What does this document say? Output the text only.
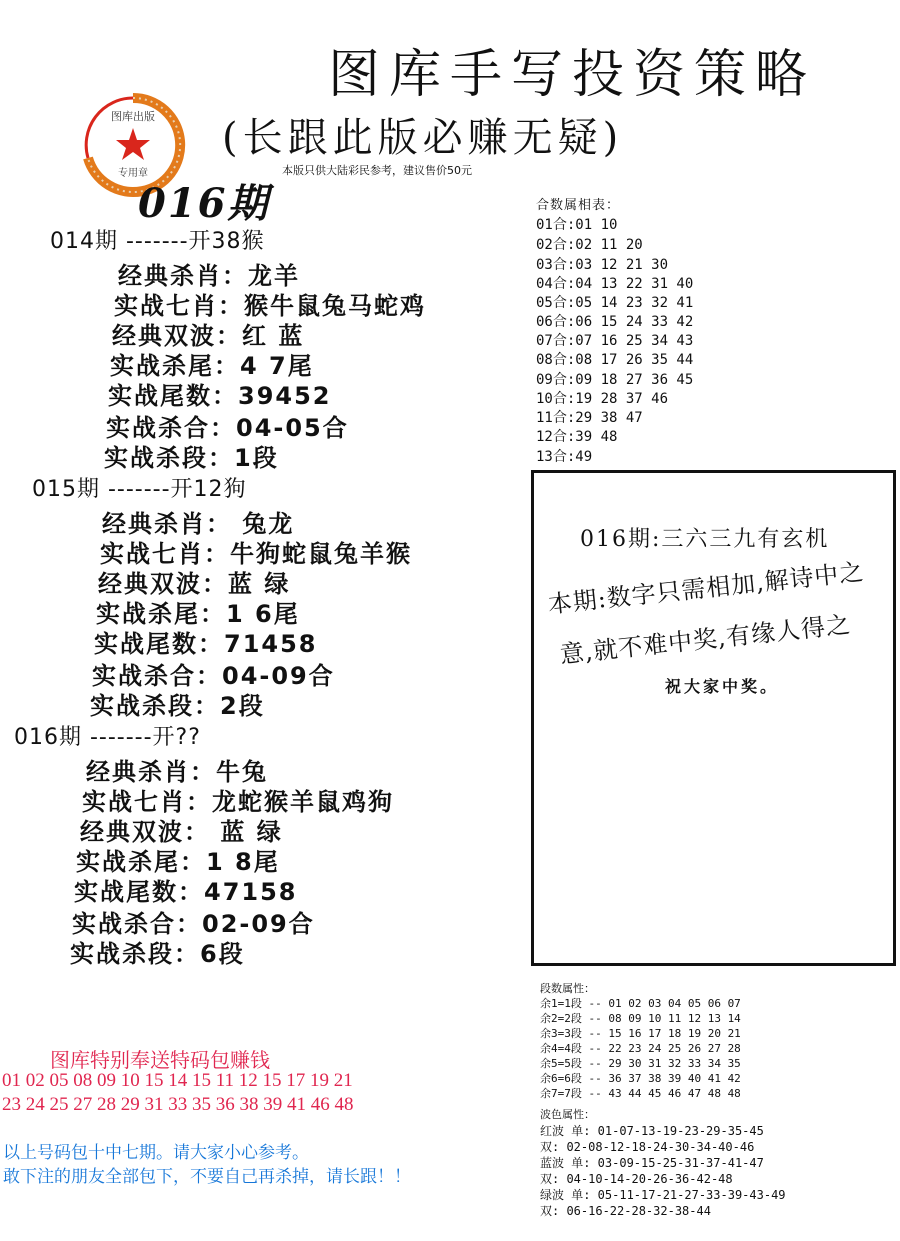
图库手写投资策略
(长跟此版必赚无疑)
本版只供大陆彩民参考，建议售价50元
图库出版
专用章
016期
014期 -------开38猴
经典杀肖：龙羊
实战七肖：猴牛鼠兔马蛇鸡
经典双波：红 蓝
实战杀尾：4 7尾
实战尾数：39452
实战杀合：04-05合
实战杀段：1段
015期 -------开12狗
经典杀肖： 兔龙
实战七肖：牛狗蛇鼠兔羊猴
经典双波：蓝 绿
实战杀尾：1 6尾
实战尾数：71458
实战杀合：04-09合
实战杀段：2段
016期 -------开??
经典杀肖：牛兔
实战七肖：龙蛇猴羊鼠鸡狗
经典双波： 蓝 绿
实战杀尾：1 8尾
实战尾数：47158
实战杀合：02-09合
实战杀段：6段
合数属相表：
01合:01 10
02合:02 11 20
03合:03 12 21 30
04合:04 13 22 31 40
05合:05 14 23 32 41
06合:06 15 24 33 42
07合:07 16 25 34 43
08合:08 17 26 35 44
09合:09 18 27 36 45
10合:19 28 37 46
11合:29 38 47
12合:39 48
13合:49
016期:三六三九有玄机
本期:数字只需相加,解诗中之
意,就不难中奖,有缘人得之
祝大家中奖。
段数属性：
余1=1段 -- 01 02 03 04 05 06 07
余2=2段 -- 08 09 10 11 12 13 14
余3=3段 -- 15 16 17 18 19 20 21
余4=4段 -- 22 23 24 25 26 27 28
余5=5段 -- 29 30 31 32 33 34 35
余6=6段 -- 36 37 38 39 40 41 42
余7=7段 -- 43 44 45 46 47 48 48
波色属性：
红波 单: 01-07-13-19-23-29-35-45
双: 02-08-12-18-24-30-34-40-46
蓝波 单: 03-09-15-25-31-37-41-47
双: 04-10-14-20-26-36-42-48
绿波 单: 05-11-17-21-27-33-39-43-49
双: 06-16-22-28-32-38-44
图库特别奉送特码包赚钱
01 02 05 08 09 10 15 14 15 11 12 15 17 19 21
23 24 25 27 28 29 31 33 35 36 38 39 41 46 48
以上号码包十中七期。请大家小心参考。
敢下注的朋友全部包下，不要自己再杀掉，请长跟！！
